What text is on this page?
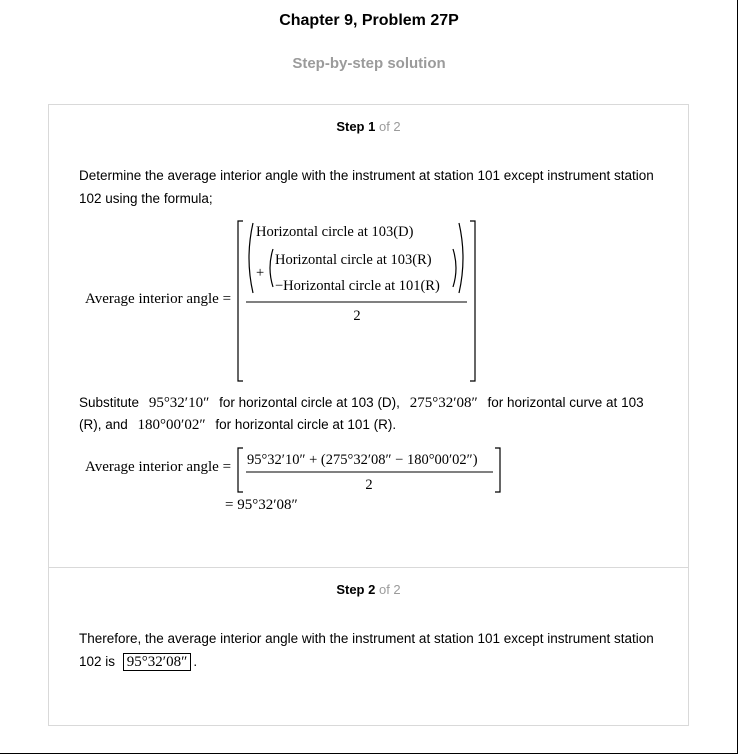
Chapter 9, Problem 27P
Step-by-step solution
Step 1 of 2
Determine the average interior angle with the instrument at station 101 except instrument station 102 using the formula;
Average interior angle =
Horizontal circle at 103(D)
+
Horizontal circle at 103(R)
−Horizontal circle at 101(R)
2
Substitute 95°32′10″ for horizontal circle at 103 (D), 275°32′08″ for horizontal curve at 103 (R), and 180°00′02″ for horizontal circle at 101 (R).
Average interior angle = 95°32′10″ + (275°32′08″ − 180°00′02″)
2
= 95°32′08″
Step 2 of 2
Therefore, the average interior angle with the instrument at station 101 except instrument station 102 is 95°32′08″ .
